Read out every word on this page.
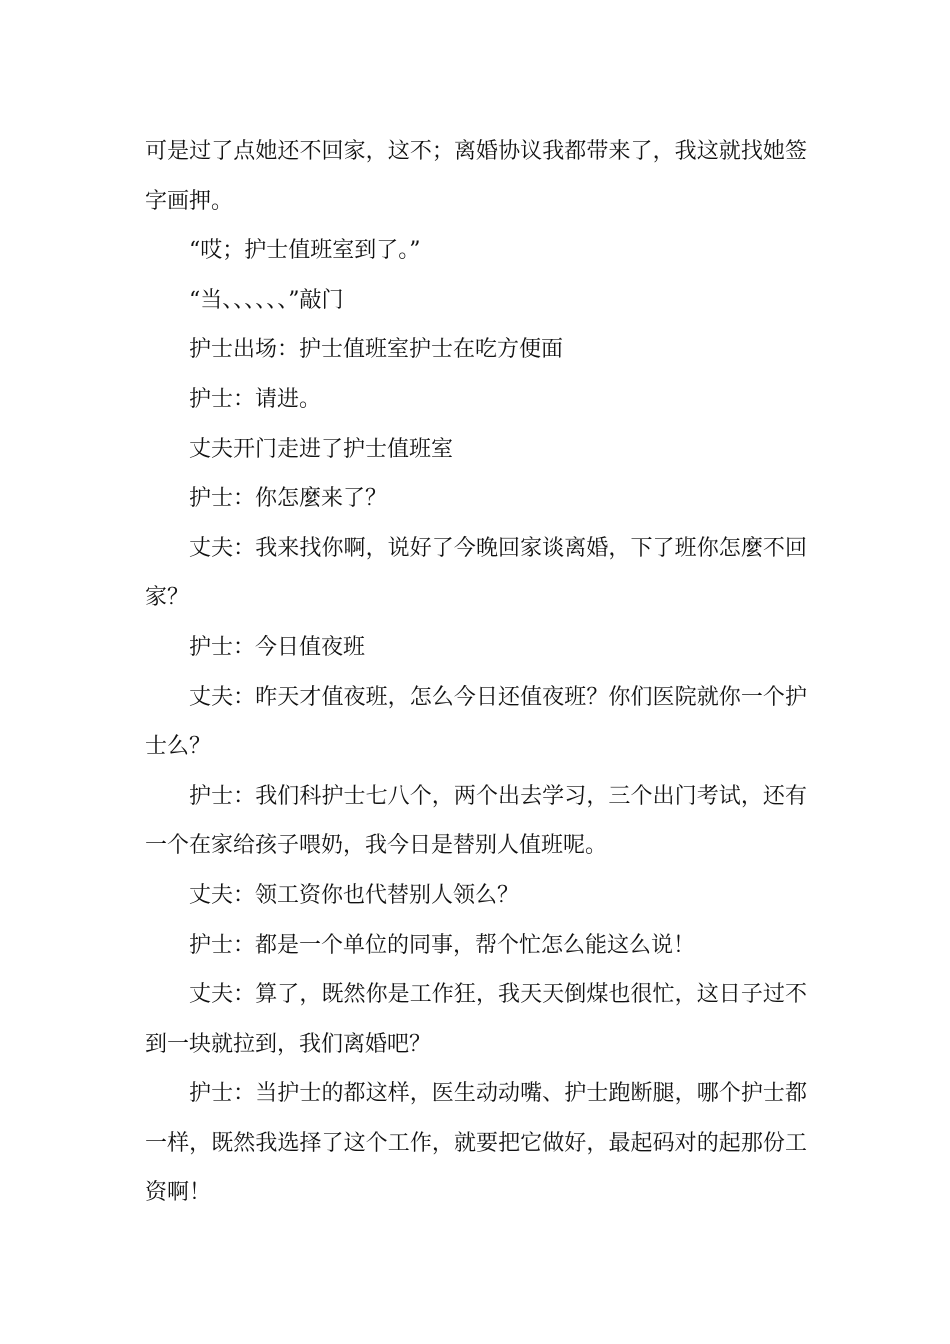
可是过了点她还不回家，这不；离婚协议我都带来了，我这就找她签字画押。

“哎；护士值班室到了。”

“当、、、、、、”敲门

护士出场：护士值班室护士在吃方便面

护士：请进。

丈夫开门走进了护士值班室

护士：你怎麼来了？

丈夫：我来找你啊，说好了今晚回家谈离婚，下了班你怎麼不回家？

护士：今日值夜班

丈夫：昨天才值夜班，怎么今日还值夜班？你们医院就你一个护士么？

护士：我们科护士七八个，两个出去学习，三个出门考试，还有一个在家给孩子喂奶，我今日是替别人值班呢。

丈夫：领工资你也代替别人领么？

护士：都是一个单位的同事，帮个忙怎么能这么说！

丈夫：算了，既然你是工作狂，我天天倒煤也很忙，这日子过不到一块就拉到，我们离婚吧？

护士：当护士的都这样，医生动动嘴、护士跑断腿，哪个护士都一样，既然我选择了这个工作，就要把它做好，最起码对的起那份工资啊！
